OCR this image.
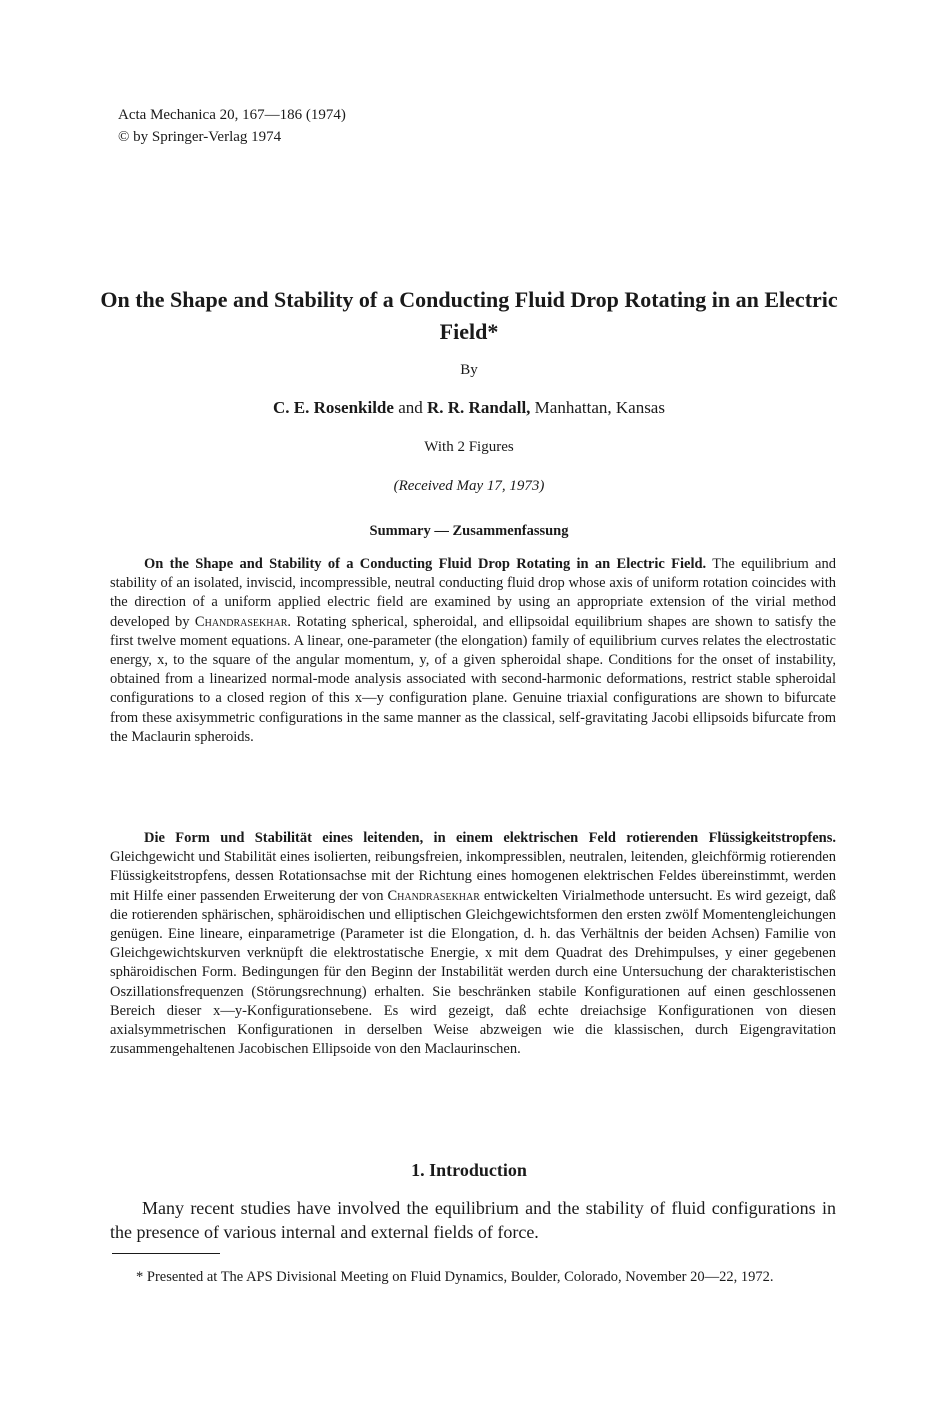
Acta Mechanica 20, 167—186 (1974)
© by Springer-Verlag 1974
On the Shape and Stability of a Conducting Fluid Drop Rotating in an Electric Field*
By
C. E. Rosenkilde and R. R. Randall, Manhattan, Kansas
With 2 Figures
(Received May 17, 1973)
Summary — Zusammenfassung

On the Shape and Stability of a Conducting Fluid Drop Rotating in an Electric Field. The equilibrium and stability of an isolated, inviscid, incompressible, neutral conducting fluid drop whose axis of uniform rotation coincides with the direction of a uniform applied electric field are examined by using an appropriate extension of the virial method developed by Chandrasekhar. Rotating spherical, spheroidal, and ellipsoidal equilibrium shapes are shown to satisfy the first twelve moment equations. A linear, one-parameter (the elongation) family of equilibrium curves relates the electrostatic energy, x, to the square of the angular momentum, y, of a given spheroidal shape. Conditions for the onset of instability, obtained from a linearized normal-mode analysis associated with second-harmonic deformations, restrict stable spheroidal configurations to a closed region of this x—y configuration plane. Genuine triaxial configurations are shown to bifurcate from these axisymmetric configurations in the same manner as the classical, self-gravitating Jacobi ellipsoids bifurcate from the Maclaurin spheroids.

Die Form und Stabilität eines leitenden, in einem elektrischen Feld rotierenden Flüssigkeitstropfens. Gleichgewicht und Stabilität eines isolierten, reibungsfreien, inkompressiblen, neutralen, leitenden, gleichförmig rotierenden Flüssigkeitstropfens, dessen Rotationsachse mit der Richtung eines homogenen elektrischen Feldes übereinstimmt, werden mit Hilfe einer passenden Erweiterung der von Chandrasekhar entwickelten Virialmethode untersucht. Es wird gezeigt, daß die rotierenden sphärischen, sphäroidischen und elliptischen Gleichgewichtsformen den ersten zwölf Momentengleichungen genügen. Eine lineare, einparametrige (Parameter ist die Elongation, d. h. das Verhältnis der beiden Achsen) Familie von Gleichgewichtskurven verknüpft die elektrostatische Energie, x mit dem Quadrat des Drehimpulses, y einer gegebenen sphäroidischen Form. Bedingungen für den Beginn der Instabilität werden durch eine Untersuchung der charakteristischen Oszillationsfrequenzen (Störungsrechnung) erhalten. Sie beschränken stabile Konfigurationen auf einen geschlossenen Bereich dieser x—y-Konfigurationsebene. Es wird gezeigt, daß echte dreiachsige Konfigurationen von diesen axialsymmetrischen Konfigurationen in derselben Weise abzweigen wie die klassischen, durch Eigengravitation zusammengehaltenen Jacobischen Ellipsoide von den Maclaurinschen.

1. Introduction

Many recent studies have involved the equilibrium and the stability of fluid configurations in the presence of various internal and external fields of force.

* Presented at The APS Divisional Meeting on Fluid Dynamics, Boulder, Colorado, November 20—22, 1972.
